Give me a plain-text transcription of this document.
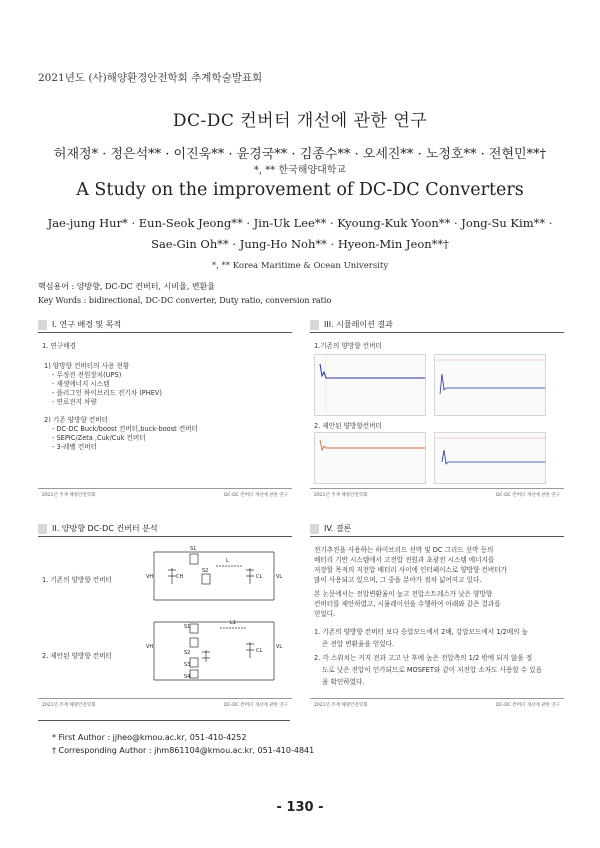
2021년도 (사)해양환경안전학회 추계학술발표회
DC-DC 컨버터 개선에 관한 연구
허재정* · 정은석** · 이진욱** · 윤경국** · 김종수** · 오세진** · 노정호** · 전현민**†
*, ** 한국해양대학교
A Study on the improvement of DC-DC Converters
Jae-jung Hur* · Eun-Seok Jeong** · Jin-Uk Lee** · Kyoung-Kuk Yoon** · Jong-Su Kim** ·
Sae-Gin Oh** · Jung-Ho Noh** · Hyeon-Min Jeon**†
*, ** Korea Maritime & Ocean University
핵심용어 : 양방향, DC-DC 컨버터, 시비율, 변환율
Key Words : bidirectional, DC-DC converter, Duty ratio, conversion ratio
I. 연구 배경 및 목적
1. 연구배경
1) 양방향 컨버터의 사용 현황
- 무정전 전원장치(UPS)
- 재생에너지 시스템
- 플러그인 하이브리드 전기차 (PHEV)
- 연료전지 차량
2) 기존 양방향 컨버터
- DC-DC Buck/boost 컨버터,buck-boost 컨버터
- SEPIC/Zeta ,Cuk/Cuk 컨버터
- 3-레벨 컨버터
2021년 추계 해양안전학회	DC-DC 컨버터 개선에 관한 연구
III. 시뮬레이션 결과
1.기존의 양방향 컨버터
2. 제안된 양방향컨버터
2021년 추계 해양안전학회	DC-DC 컨버터 개선에 관한 연구
II. 양방향 DC-DC 컨버터 분석
1. 기존의 양방향 컨버터
2. 제안된 양방향 컨버터
VH	CH
S1
S2
L
CL	VL
VH
S1
S2
S3
S4
L1
CL
VL
2021년 추계 해양안전학회	DC-DC 컨버터 개선에 관한 연구
IV. 결론
전기추진을 사용하는 하이브리드 선박 및 DC 그리드 선박 등의
배터리 기반 시스템에서 고전압 전원과 초광전 시스템 에너지를
저장할 목적의 저전압 배터리 사이에 인터페이스로 양방향 컨버터가
많이 사용되고 있으며, 그 중을 분야가 점차 넓어지고 있다.
본 논문에서는 전압변환율이 높고 전압스트레스가 낮은 양방향
컨버터를 제안하였고, 시뮬레이션을 수행하여 아래와 같은 결과를
얻었다.
1. 기존의 양방향 컨버터 보다 승압모드에서 2배, 강압모드에서 1/2배의 높
은 전압 변환율을 얻었다.
2. 각 스위치는 커지 전과 고고 난 후에 높은 전압측의 1/2 밖에 되지 않을 정
도로 낮은 전압이 인가되므로 MOSFET와 같이 저전압 소자도 사용할 수 있음
을 확인하였다.
2021년 추계 해양안전학회	DC-DC 컨버터 개선에 관한 연구
* First Author : jjheo@kmou.ac.kr, 051-410-4252
† Corresponding Author : jhm861104@kmou.ac.kr, 051-410-4841
- 130 -
